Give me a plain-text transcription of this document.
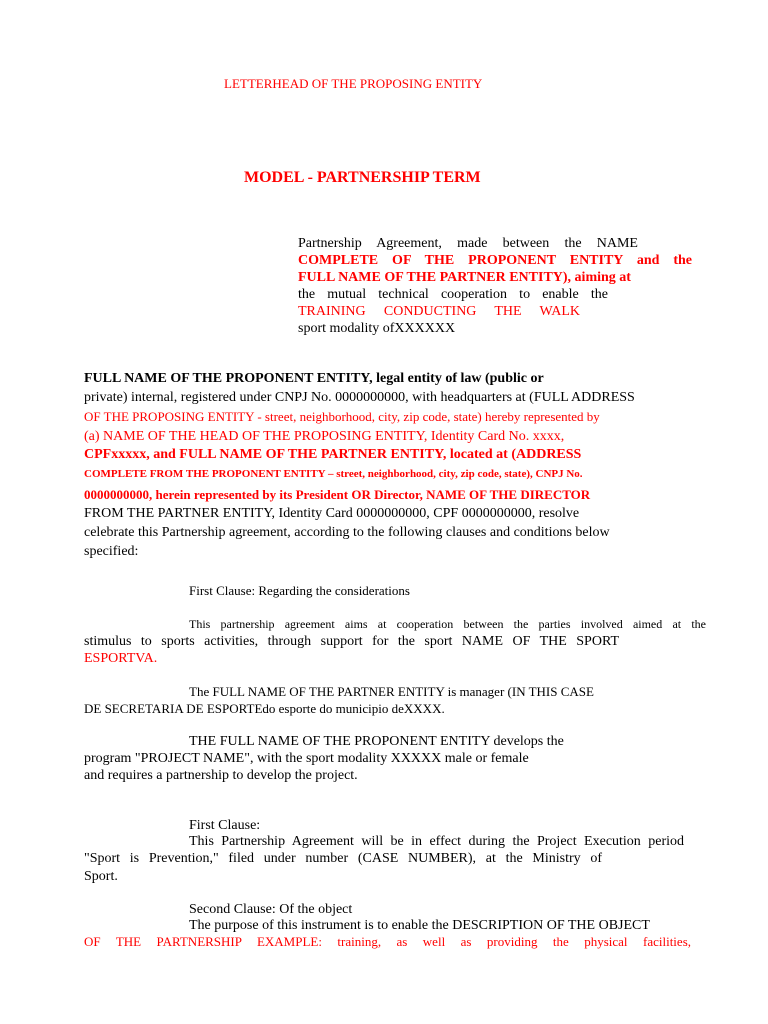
LETTERHEAD OF THE PROPOSING ENTITY
MODEL - PARTNERSHIP TERM
Partnership Agreement, made between the NAME
COMPLETE OF THE PROPONENT ENTITY and the
FULL NAME OF THE PARTNER ENTITY), aiming at
the mutual technical cooperation to enable the
TRAINING CONDUCTING THE WALK
sport modality ofXXXXXX
FULL NAME OF THE PROPONENT ENTITY, legal entity of law (public or
private) internal, registered under CNPJ No. 0000000000, with headquarters at (FULL ADDRESS
OF THE PROPOSING ENTITY - street, neighborhood, city, zip code, state) hereby represented by
(a) NAME OF THE HEAD OF THE PROPOSING ENTITY, Identity Card No. xxxx,
CPFxxxxx, and FULL NAME OF THE PARTNER ENTITY, located at (ADDRESS
COMPLETE FROM THE PROPONENT ENTITY – street, neighborhood, city, zip code, state), CNPJ No.
0000000000, herein represented by its President OR Director, NAME OF THE DIRECTOR
FROM THE PARTNER ENTITY, Identity Card 0000000000, CPF 0000000000, resolve
celebrate this Partnership agreement, according to the following clauses and conditions below
specified:
First Clause: Regarding the considerations
This partnership agreement aims at cooperation between the parties involved aimed at the
stimulus to sports activities, through support for the sport NAME OF THE SPORT
ESPORTVA.
The FULL NAME OF THE PARTNER ENTITY is manager (IN THIS CASE
DE SECRETARIA DE ESPORTEdo esporte do municipio deXXXX.
THE FULL NAME OF THE PROPONENT ENTITY develops the
program "PROJECT NAME", with the sport modality XXXXX male or female
and requires a partnership to develop the project.
First Clause:
This Partnership Agreement will be in effect during the Project Execution period
"Sport is Prevention," filed under number (CASE NUMBER), at the Ministry of
Sport.
Second Clause: Of the object
The purpose of this instrument is to enable the DESCRIPTION OF THE OBJECT
OF THE PARTNERSHIP EXAMPLE: training, as well as providing the physical facilities,
